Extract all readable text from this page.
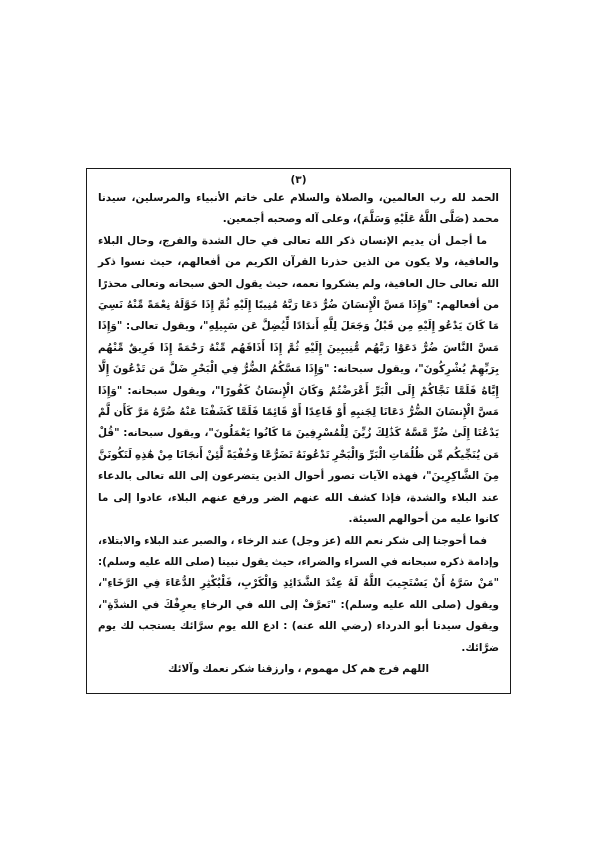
(٣)

الحمد لله رب العالمين، والصلاة والسلام على خاتم الأنبياء والمرسلين، سيدنا محمد (صَلَّى اللَّهُ عَلَيْهِ وَسَلَّمَ)، وعلى آله وصحبه أجمعين.

ما أجمل أن يديم الإنسان ذكر الله تعالى في حال الشدة والفرج، وحال البلاء والعافية، ولا يكون من الذين حذرنا القرآن الكريم من أفعالهم، حيث نسوا ذكر الله تعالى حال العافية، ولم يشكروا نعمه، حيث يقول الحق سبحانه وتعالى محذرًا من أفعالهم: "وَإِذَا مَسَّ الْإِنسَانَ ضُرٌّ دَعَا رَبَّهُ مُنِيبًا إِلَيْهِ ثُمَّ إِذَا خَوَّلَهُ نِعْمَةً مِّنْهُ نَسِيَ مَا كَانَ يَدْعُو إِلَيْهِ مِن قَبْلُ وَجَعَلَ لِلَّهِ أَندَادًا لِّيُضِلَّ عَن سَبِيلِهِ"، ويقول تعالى: "وَإِذَا مَسَّ النَّاسَ ضُرٌّ دَعَوْا رَبَّهُم مُّنِيبِينَ إِلَيْهِ ثُمَّ إِذَا أَذَاقَهُم مِّنْهُ رَحْمَةً إِذَا فَرِيقٌ مِّنْهُم بِرَبِّهِمْ يُشْرِكُونَ"، ويقول سبحانه: "وَإِذَا مَسَّكُمُ الضُّرُّ فِي الْبَحْرِ ضَلَّ مَن تَدْعُونَ إِلَّا إِيَّاهُ فَلَمَّا نَجَّاكُمْ إِلَى الْبَرِّ أَعْرَضْتُمْ وَكَانَ الْإِنسَانُ كَفُورًا"، ويقول سبحانه: "وَإِذَا مَسَّ الْإِنسَانَ الضُّرُّ دَعَانَا لِجَنبِهِ أَوْ قَاعِدًا أَوْ قَائِمًا فَلَمَّا كَشَفْنَا عَنْهُ ضُرَّهُ مَرَّ كَأَن لَّمْ يَدْعُنَا إِلَىٰ ضُرٍّ مَّسَّهُ كَذَٰلِكَ زُيِّنَ لِلْمُسْرِفِينَ مَا كَانُوا يَعْمَلُونَ"، ويقول سبحانه: "قُلْ مَن يُنَجِّيكُم مِّن ظُلُمَاتِ الْبَرِّ وَالْبَحْرِ تَدْعُونَهُ تَضَرُّعًا وَخُفْيَةً لَّئِنْ أَنجَانَا مِنْ هَٰذِهِ لَنَكُونَنَّ مِنَ الشَّاكِرِينَ"، فهذه الآيات تصور أحوال الذين يتضرعون إلى الله تعالى بالدعاء عند البلاء والشدة، فإذا كشف الله عنهم الضر ورفع عنهم البلاء، عادوا إلى ما كانوا عليه من أحوالهم السيئة.

فما أحوجنا إلى شكر نعم الله (عز وجل) عند الرخاء ، والصبر عند البلاء والابتلاء، وإدامة ذكره سبحانه في السراء والضراء، حيث يقول نبينا (صلى الله عليه وسلم): "مَنْ سَرَّهُ أَنْ يَسْتَجِيبَ اللَّهُ لَهُ عِنْدَ الشَّدَائِدِ وَالْكَرْبِ، فَلْيُكْثِرِ الدُّعَاءَ فِي الرَّخَاءِ"، ويقول (صلى الله عليه وسلم): "تَعرَّفْ إلى الله في الرخاءِ يعرِفْكَ في الشدَّةِ"، ويقول سيدنا أبو الدرداء (رضي الله عنه) : ادع الله يوم سرَّائك يستجب لك يوم ضرَّائك.

اللهم فرج هم كل مهموم ، وارزقنا شكر نعمك وآلائك
